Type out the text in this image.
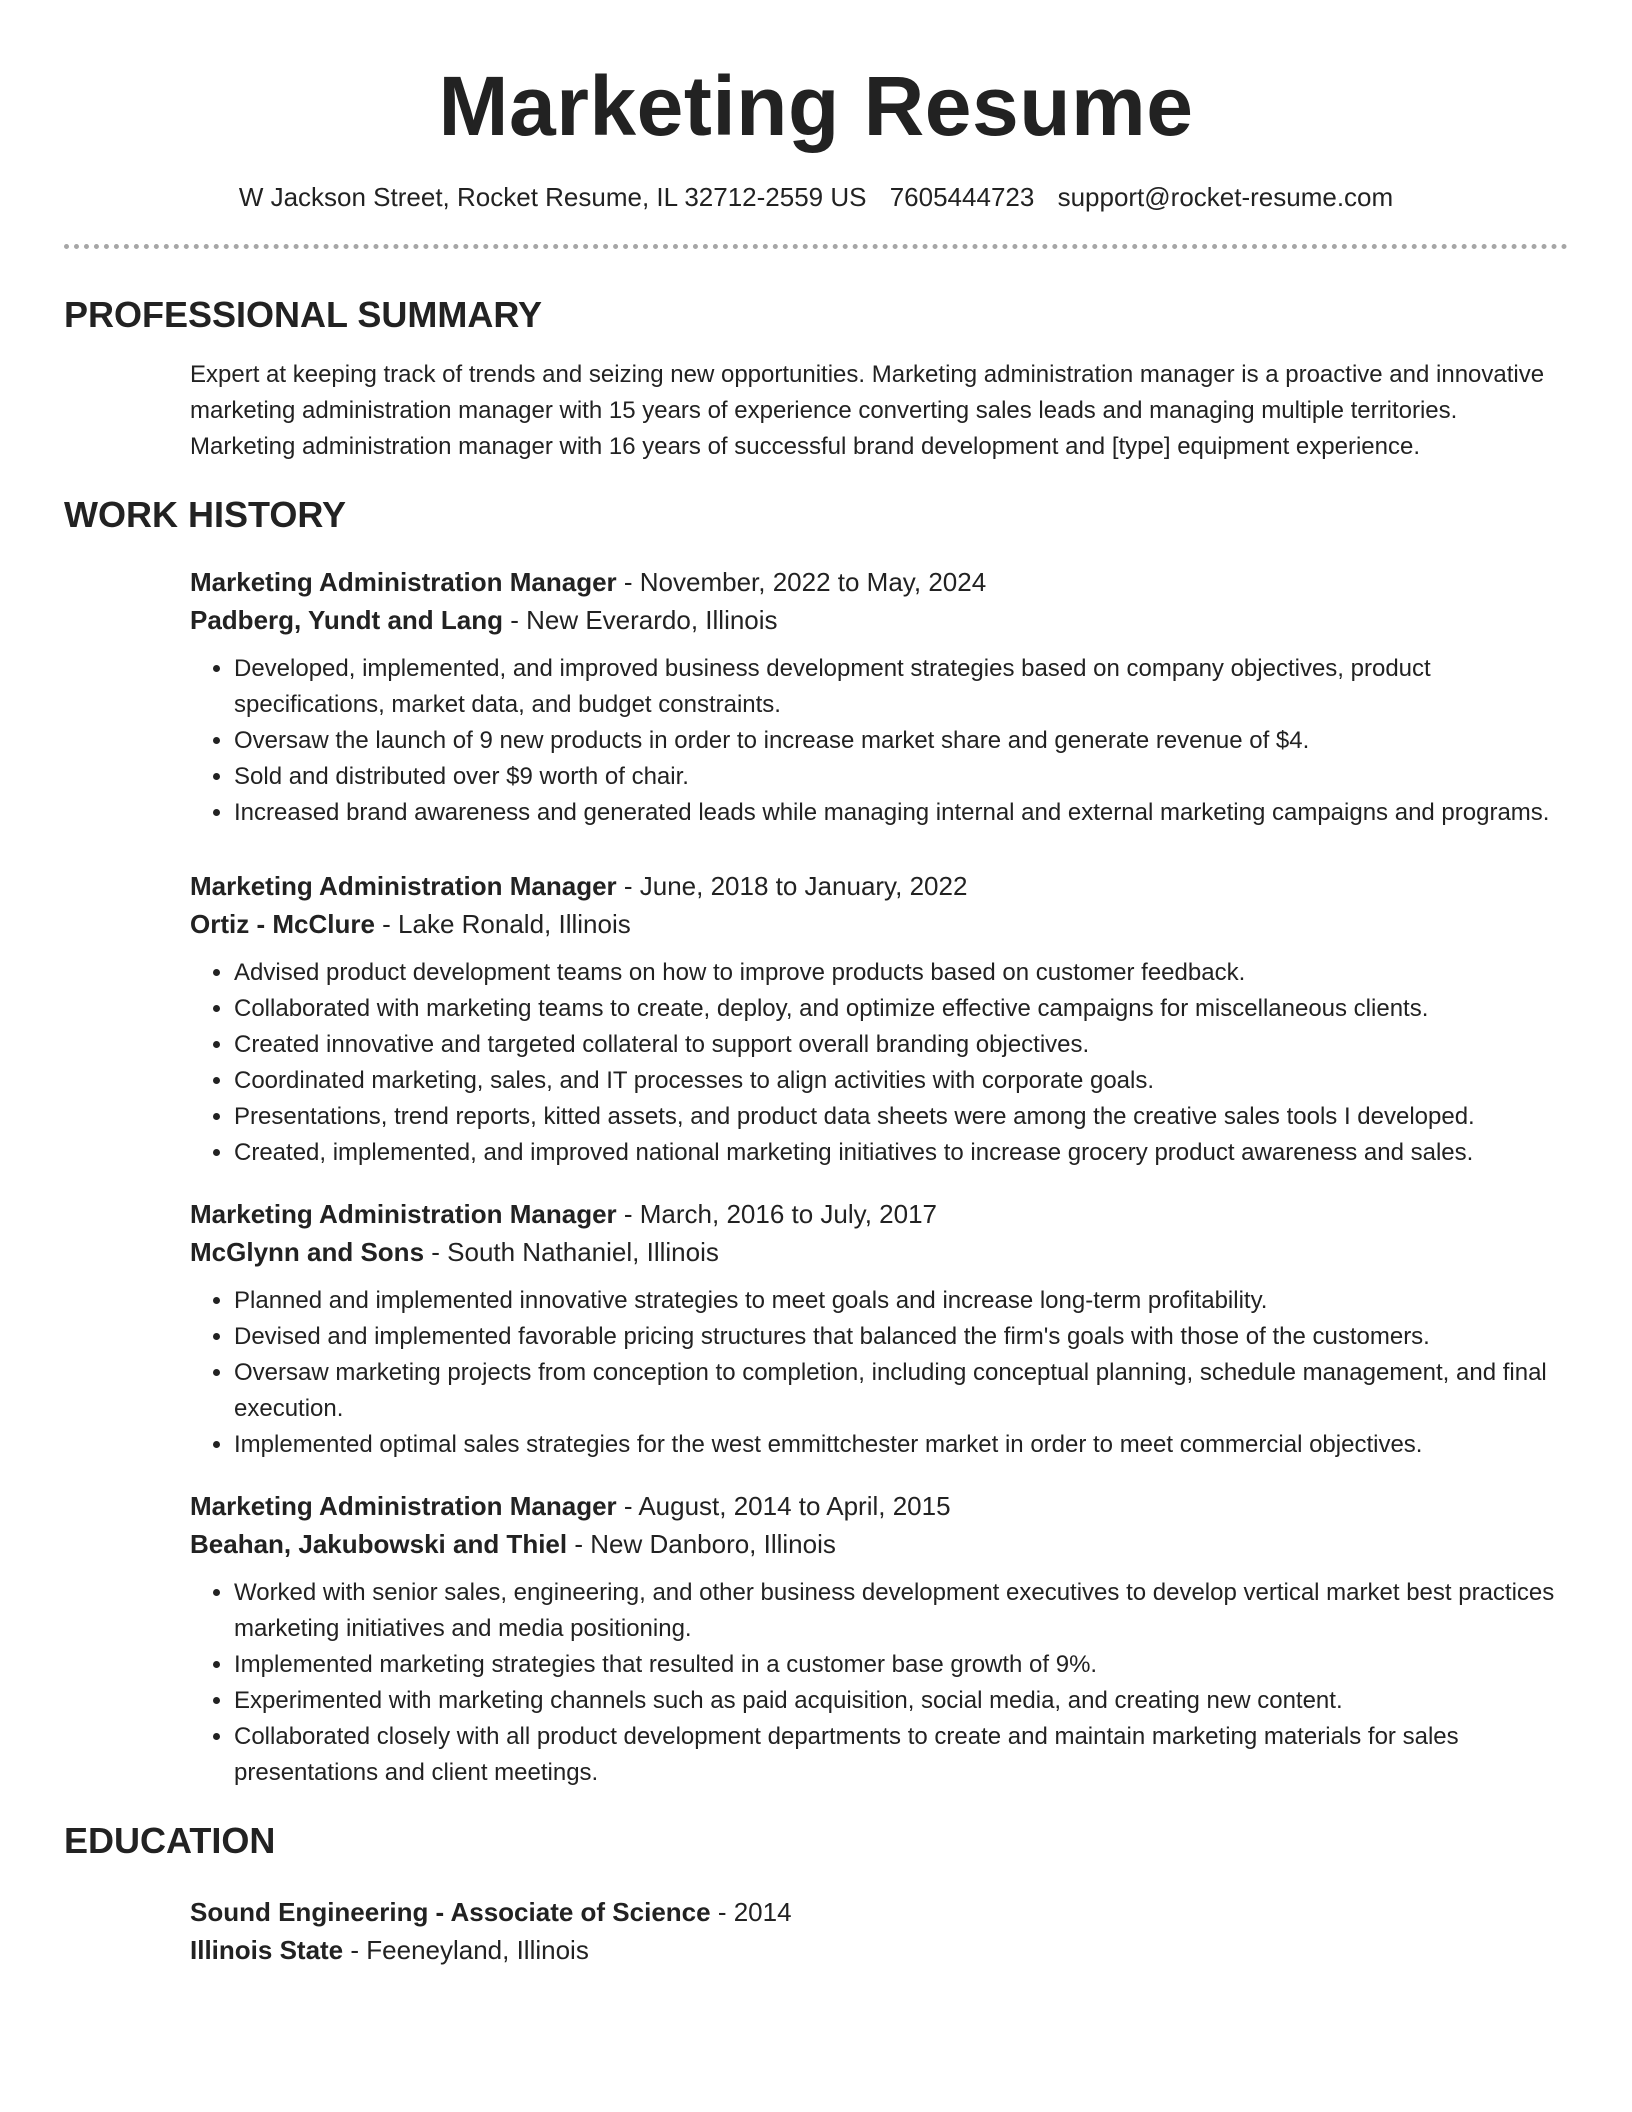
Marketing Resume
W Jackson Street, Rocket Resume, IL 32712-2559 US 7605444723 support@rocket-resume.com
PROFESSIONAL SUMMARY

Expert at keeping track of trends and seizing new opportunities. Marketing administration manager is a proactive and innovative marketing administration manager with 15 years of experience converting sales leads and managing multiple territories. Marketing administration manager with 16 years of successful brand development and [type] equipment experience.

WORK HISTORY
Marketing Administration Manager - November, 2022 to May, 2024
Padberg, Yundt and Lang - New Everardo, Illinois
• Developed, implemented, and improved business development strategies based on company objectives, product specifications, market data, and budget constraints.
• Oversaw the launch of 9 new products in order to increase market share and generate revenue of $4.
• Sold and distributed over $9 worth of chair.
• Increased brand awareness and generated leads while managing internal and external marketing campaigns and programs.
Marketing Administration Manager - June, 2018 to January, 2022
Ortiz - McClure - Lake Ronald, Illinois
• Advised product development teams on how to improve products based on customer feedback.
• Collaborated with marketing teams to create, deploy, and optimize effective campaigns for miscellaneous clients.
• Created innovative and targeted collateral to support overall branding objectives.
• Coordinated marketing, sales, and IT processes to align activities with corporate goals.
• Presentations, trend reports, kitted assets, and product data sheets were among the creative sales tools I developed.
• Created, implemented, and improved national marketing initiatives to increase grocery product awareness and sales.
Marketing Administration Manager - March, 2016 to July, 2017
McGlynn and Sons - South Nathaniel, Illinois
• Planned and implemented innovative strategies to meet goals and increase long-term profitability.
• Devised and implemented favorable pricing structures that balanced the firm's goals with those of the customers.
• Oversaw marketing projects from conception to completion, including conceptual planning, schedule management, and final execution.
• Implemented optimal sales strategies for the west emmittchester market in order to meet commercial objectives.
Marketing Administration Manager - August, 2014 to April, 2015
Beahan, Jakubowski and Thiel - New Danboro, Illinois
• Worked with senior sales, engineering, and other business development executives to develop vertical market best practices marketing initiatives and media positioning.
• Implemented marketing strategies that resulted in a customer base growth of 9%.
• Experimented with marketing channels such as paid acquisition, social media, and creating new content.
• Collaborated closely with all product development departments to create and maintain marketing materials for sales presentations and client meetings.
EDUCATION
Sound Engineering - Associate of Science - 2014
Illinois State - Feeneyland, Illinois
